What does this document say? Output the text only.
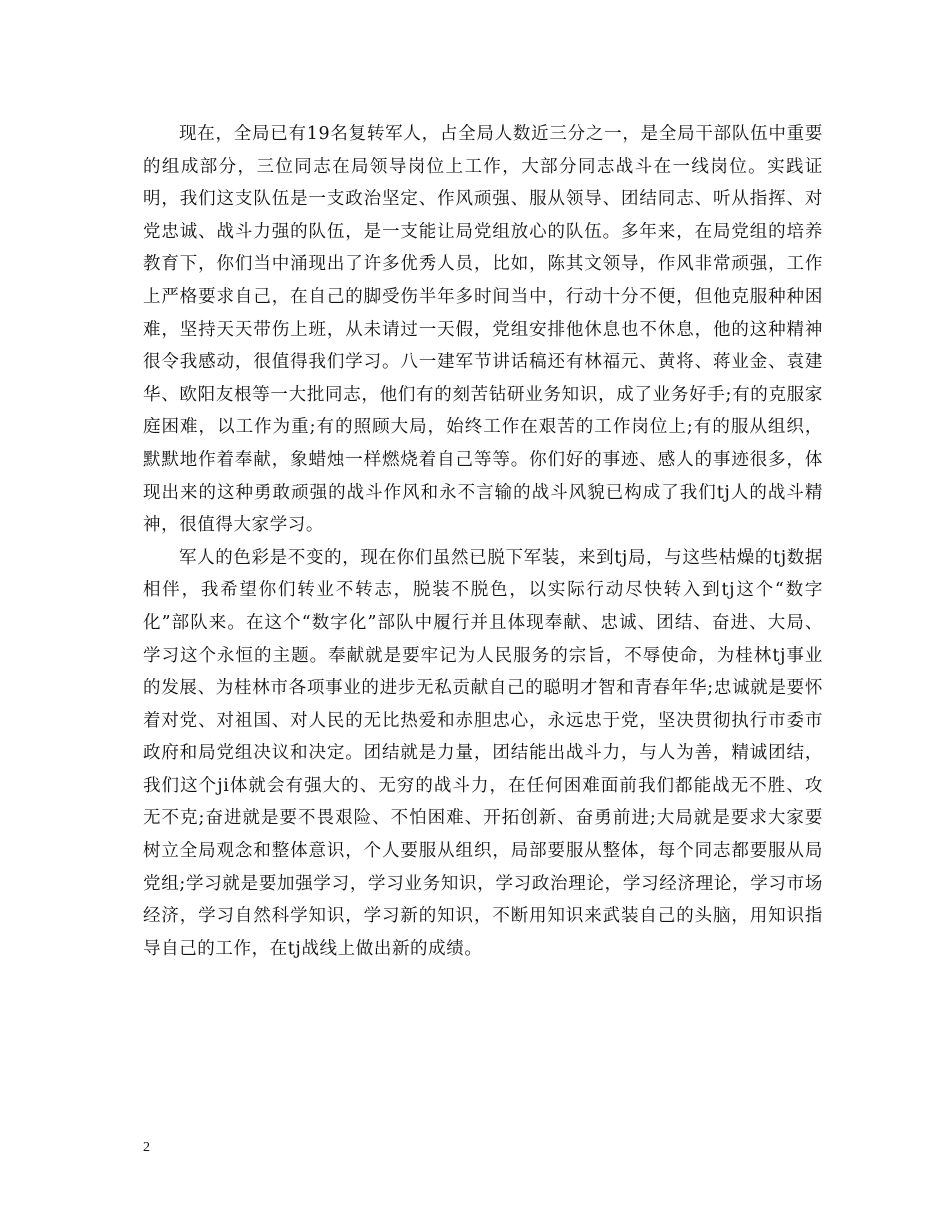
现在，全局已有19名复转军人，占全局人数近三分之一，是全局干部队伍中重要的组成部分，三位同志在局领导岗位上工作，大部分同志战斗在一线岗位。实践证明，我们这支队伍是一支政治坚定、作风顽强、服从领导、团结同志、听从指挥、对党忠诚、战斗力强的队伍，是一支能让局党组放心的队伍。多年来，在局党组的培养教育下，你们当中涌现出了许多优秀人员，比如，陈其文领导，作风非常顽强，工作上严格要求自己，在自己的脚受伤半年多时间当中，行动十分不便，但他克服种种困难，坚持天天带伤上班，从未请过一天假，党组安排他休息也不休息，他的这种精神很令我感动，很值得我们学习。八一建军节讲话稿还有林福元、黄将、蒋业金、袁建华、欧阳友根等一大批同志，他们有的刻苦钻研业务知识，成了业务好手;有的克服家庭困难，以工作为重;有的照顾大局，始终工作在艰苦的工作岗位上;有的服从组织，默默地作着奉献，象蜡烛一样燃烧着自己等等。你们好的事迹、感人的事迹很多，体现出来的这种勇敢顽强的战斗作风和永不言输的战斗风貌已构成了我们tj人的战斗精神，很值得大家学习。

军人的色彩是不变的，现在你们虽然已脱下军装，来到tj局，与这些枯燥的tj数据相伴，我希望你们转业不转志，脱装不脱色，以实际行动尽快转入到tj这个“数字化”部队来。在这个“数字化”部队中履行并且体现奉献、忠诚、团结、奋进、大局、学习这个永恒的主题。奉献就是要牢记为人民服务的宗旨，不辱使命，为桂林tj事业的发展、为桂林市各项事业的进步无私贡献自己的聪明才智和青春年华;忠诚就是要怀着对党、对祖国、对人民的无比热爱和赤胆忠心，永远忠于党，坚决贯彻执行市委市政府和局党组决议和决定。团结就是力量，团结能出战斗力，与人为善，精诚团结，我们这个ji体就会有强大的、无穷的战斗力，在任何困难面前我们都能战无不胜、攻无不克;奋进就是要不畏艰险、不怕困难、开拓创新、奋勇前进;大局就是要求大家要树立全局观念和整体意识，个人要服从组织，局部要服从整体，每个同志都要服从局党组;学习就是要加强学习，学习业务知识，学习政治理论，学习经济理论，学习市场经济，学习自然科学知识，学习新的知识，不断用知识来武装自己的头脑，用知识指导自己的工作，在tj战线上做出新的成绩。

2
